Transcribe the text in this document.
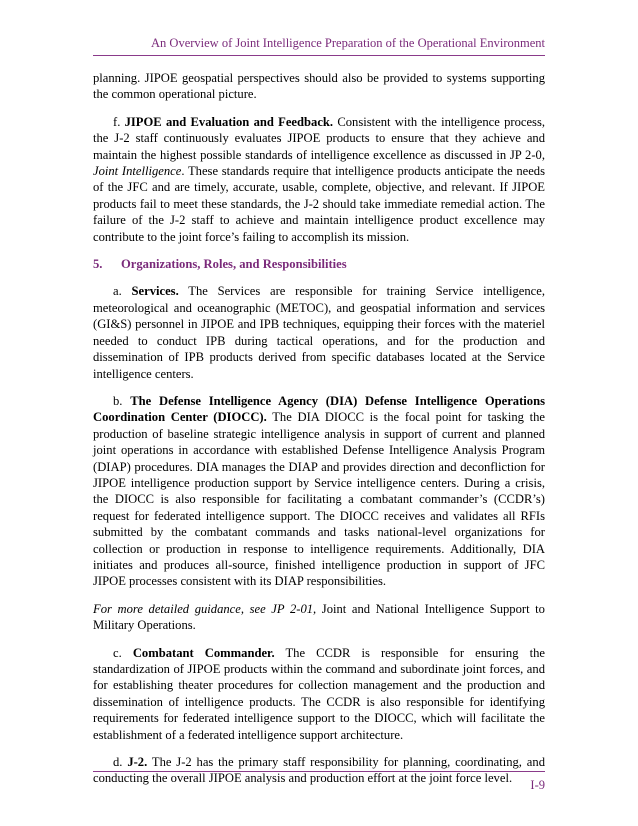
An Overview of Joint Intelligence Preparation of the Operational Environment

planning. JIPOE geospatial perspectives should also be provided to systems supporting the common operational picture.

f. JIPOE and Evaluation and Feedback. Consistent with the intelligence process, the J-2 staff continuously evaluates JIPOE products to ensure that they achieve and maintain the highest possible standards of intelligence excellence as discussed in JP 2-0, Joint Intelligence. These standards require that intelligence products anticipate the needs of the JFC and are timely, accurate, usable, complete, objective, and relevant. If JIPOE products fail to meet these standards, the J-2 should take immediate remedial action. The failure of the J-2 staff to achieve and maintain intelligence product excellence may contribute to the joint force’s failing to accomplish its mission.

5. Organizations, Roles, and Responsibilities

a. Services. The Services are responsible for training Service intelligence, meteorological and oceanographic (METOC), and geospatial information and services (GI&S) personnel in JIPOE and IPB techniques, equipping their forces with the materiel needed to conduct IPB during tactical operations, and for the production and dissemination of IPB products derived from specific databases located at the Service intelligence centers.

b. The Defense Intelligence Agency (DIA) Defense Intelligence Operations Coordination Center (DIOCC). The DIA DIOCC is the focal point for tasking the production of baseline strategic intelligence analysis in support of current and planned joint operations in accordance with established Defense Intelligence Analysis Program (DIAP) procedures. DIA manages the DIAP and provides direction and deconfliction for JIPOE intelligence production support by Service intelligence centers. During a crisis, the DIOCC is also responsible for facilitating a combatant commander’s (CCDR’s) request for federated intelligence support. The DIOCC receives and validates all RFIs submitted by the combatant commands and tasks national-level organizations for collection or production in response to intelligence requirements. Additionally, DIA initiates and produces all-source, finished intelligence production in support of JFC JIPOE processes consistent with its DIAP responsibilities.

For more detailed guidance, see JP 2-01, Joint and National Intelligence Support to Military Operations.

c. Combatant Commander. The CCDR is responsible for ensuring the standardization of JIPOE products within the command and subordinate joint forces, and for establishing theater procedures for collection management and the production and dissemination of intelligence products. The CCDR is also responsible for identifying requirements for federated intelligence support to the DIOCC, which will facilitate the establishment of a federated intelligence support architecture.

d. J-2. The J-2 has the primary staff responsibility for planning, coordinating, and conducting the overall JIPOE analysis and production effort at the joint force level.	I-9
